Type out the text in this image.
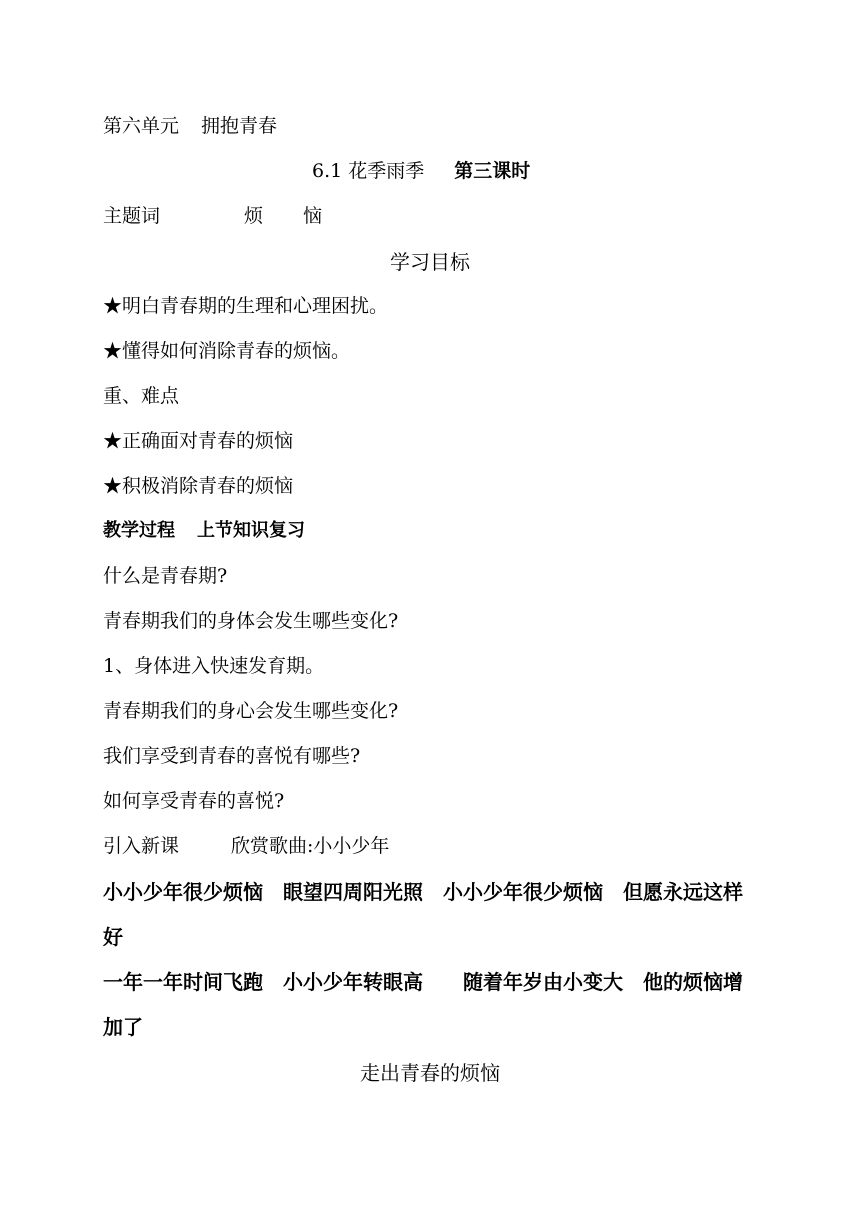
第六单元 拥抱青春
6.1 花季雨季 第三课时
主题词	烦 恼
学习目标
★明白青春期的生理和心理困扰。
★懂得如何消除青春的烦恼。
重、难点
★正确面对青春的烦恼
★积极消除青春的烦恼
教学过程 上节知识复习
什么是青春期?
青春期我们的身体会发生哪些变化?
1、身体进入快速发育期。
青春期我们的身心会发生哪些变化?
我们享受到青春的喜悦有哪些?
如何享受青春的喜悦?
引入新课	欣赏歌曲:小小少年
小小少年很少烦恼　眼望四周阳光照　小小少年很少烦恼　但愿永远这样
好
一年一年时间飞跑　小小少年转眼高　　随着年岁由小变大　他的烦恼增
加了
走出青春的烦恼
